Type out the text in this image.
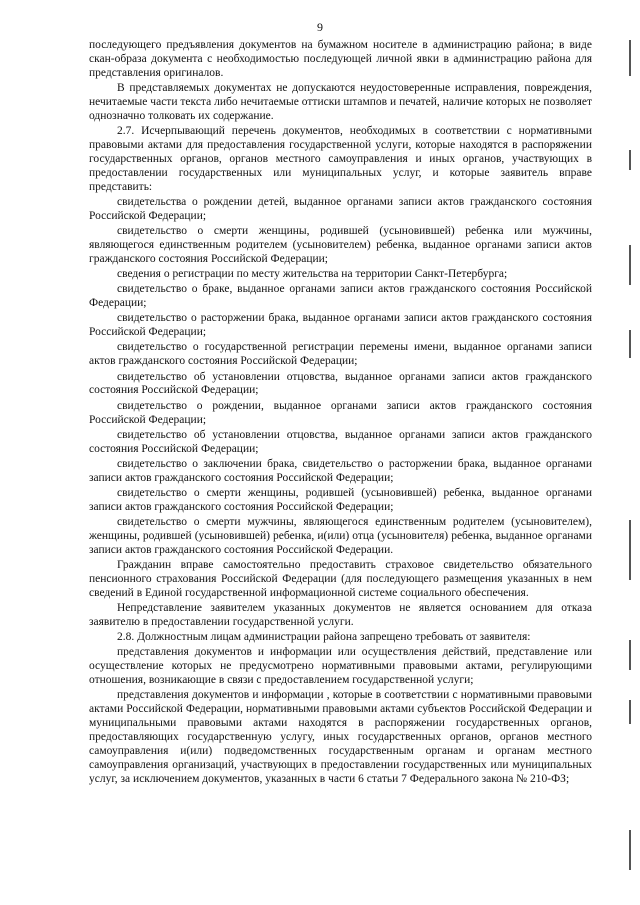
9

последующего предъявления документов на бумажном носителе в администрацию района; в виде скан-образа документа с необходимостью последующей личной явки в администрацию района для представления оригиналов.

В представляемых документах не допускаются неудостоверенные исправления, повреждения, нечитаемые части текста либо нечитаемые оттиски штампов и печатей, наличие которых не позволяет однозначно толковать их содержание.

2.7. Исчерпывающий перечень документов, необходимых в соответствии с нормативными правовыми актами для предоставления государственной услуги, которые находятся в распоряжении государственных органов, органов местного самоуправления и иных органов, участвующих в предоставлении государственных или муниципальных услуг, и которые заявитель вправе представить:

свидетельства о рождении детей, выданное органами записи актов гражданского состояния Российской Федерации;

свидетельство о смерти женщины, родившей (усыновившей) ребенка или мужчины, являющегося единственным родителем (усыновителем) ребенка, выданное органами записи актов гражданского состояния Российской Федерации;

сведения о регистрации по месту жительства на территории Санкт-Петербурга;

свидетельство о браке, выданное органами записи актов гражданского состояния Российской Федерации;

свидетельство о расторжении брака, выданное органами записи актов гражданского состояния Российской Федерации;

свидетельство о государственной регистрации перемены имени, выданное органами записи актов гражданского состояния Российской Федерации;

свидетельство об установлении отцовства, выданное органами записи актов гражданского состояния Российской Федерации;

свидетельство о рождении, выданное органами записи актов гражданского состояния Российской Федерации;

свидетельство об установлении отцовства, выданное органами записи актов гражданского состояния Российской Федерации;

свидетельство о заключении брака, свидетельство о расторжении брака, выданное органами записи актов гражданского состояния Российской Федерации;

свидетельство о смерти женщины, родившей (усыновившей) ребенка, выданное органами записи актов гражданского состояния Российской Федерации;

свидетельство о смерти мужчины, являющегося единственным родителем (усыновителем), женщины, родившей (усыновившей) ребенка, и(или) отца (усыновителя) ребенка, выданное органами записи актов гражданского состояния Российской Федерации.

Гражданин вправе самостоятельно предоставить страховое свидетельство обязательного пенсионного страхования Российской Федерации (для последующего размещения указанных в нем сведений в Единой государственной информационной системе социального обеспечения.

Непредставление заявителем указанных документов не является основанием для отказа заявителю в предоставлении государственной услуги.

2.8. Должностным лицам администрации района запрещено требовать от заявителя:

представления документов и информации или осуществления действий, представление или осуществление которых не предусмотрено нормативными правовыми актами, регулирующими отношения, возникающие в связи с предоставлением государственной услуги;

представления документов и информации , которые в соответствии с нормативными правовыми актами Российской Федерации, нормативными правовыми актами субъектов Российской Федерации и муниципальными правовыми актами находятся в распоряжении государственных органов, предоставляющих государственную услугу, иных государственных органов, органов местного самоуправления и(или) подведомственных государственным органам и органам местного самоуправления организаций, участвующих в предоставлении государственных или муниципальных услуг, за исключением документов, указанных в части 6 статьи 7 Федерального закона № 210-ФЗ;
